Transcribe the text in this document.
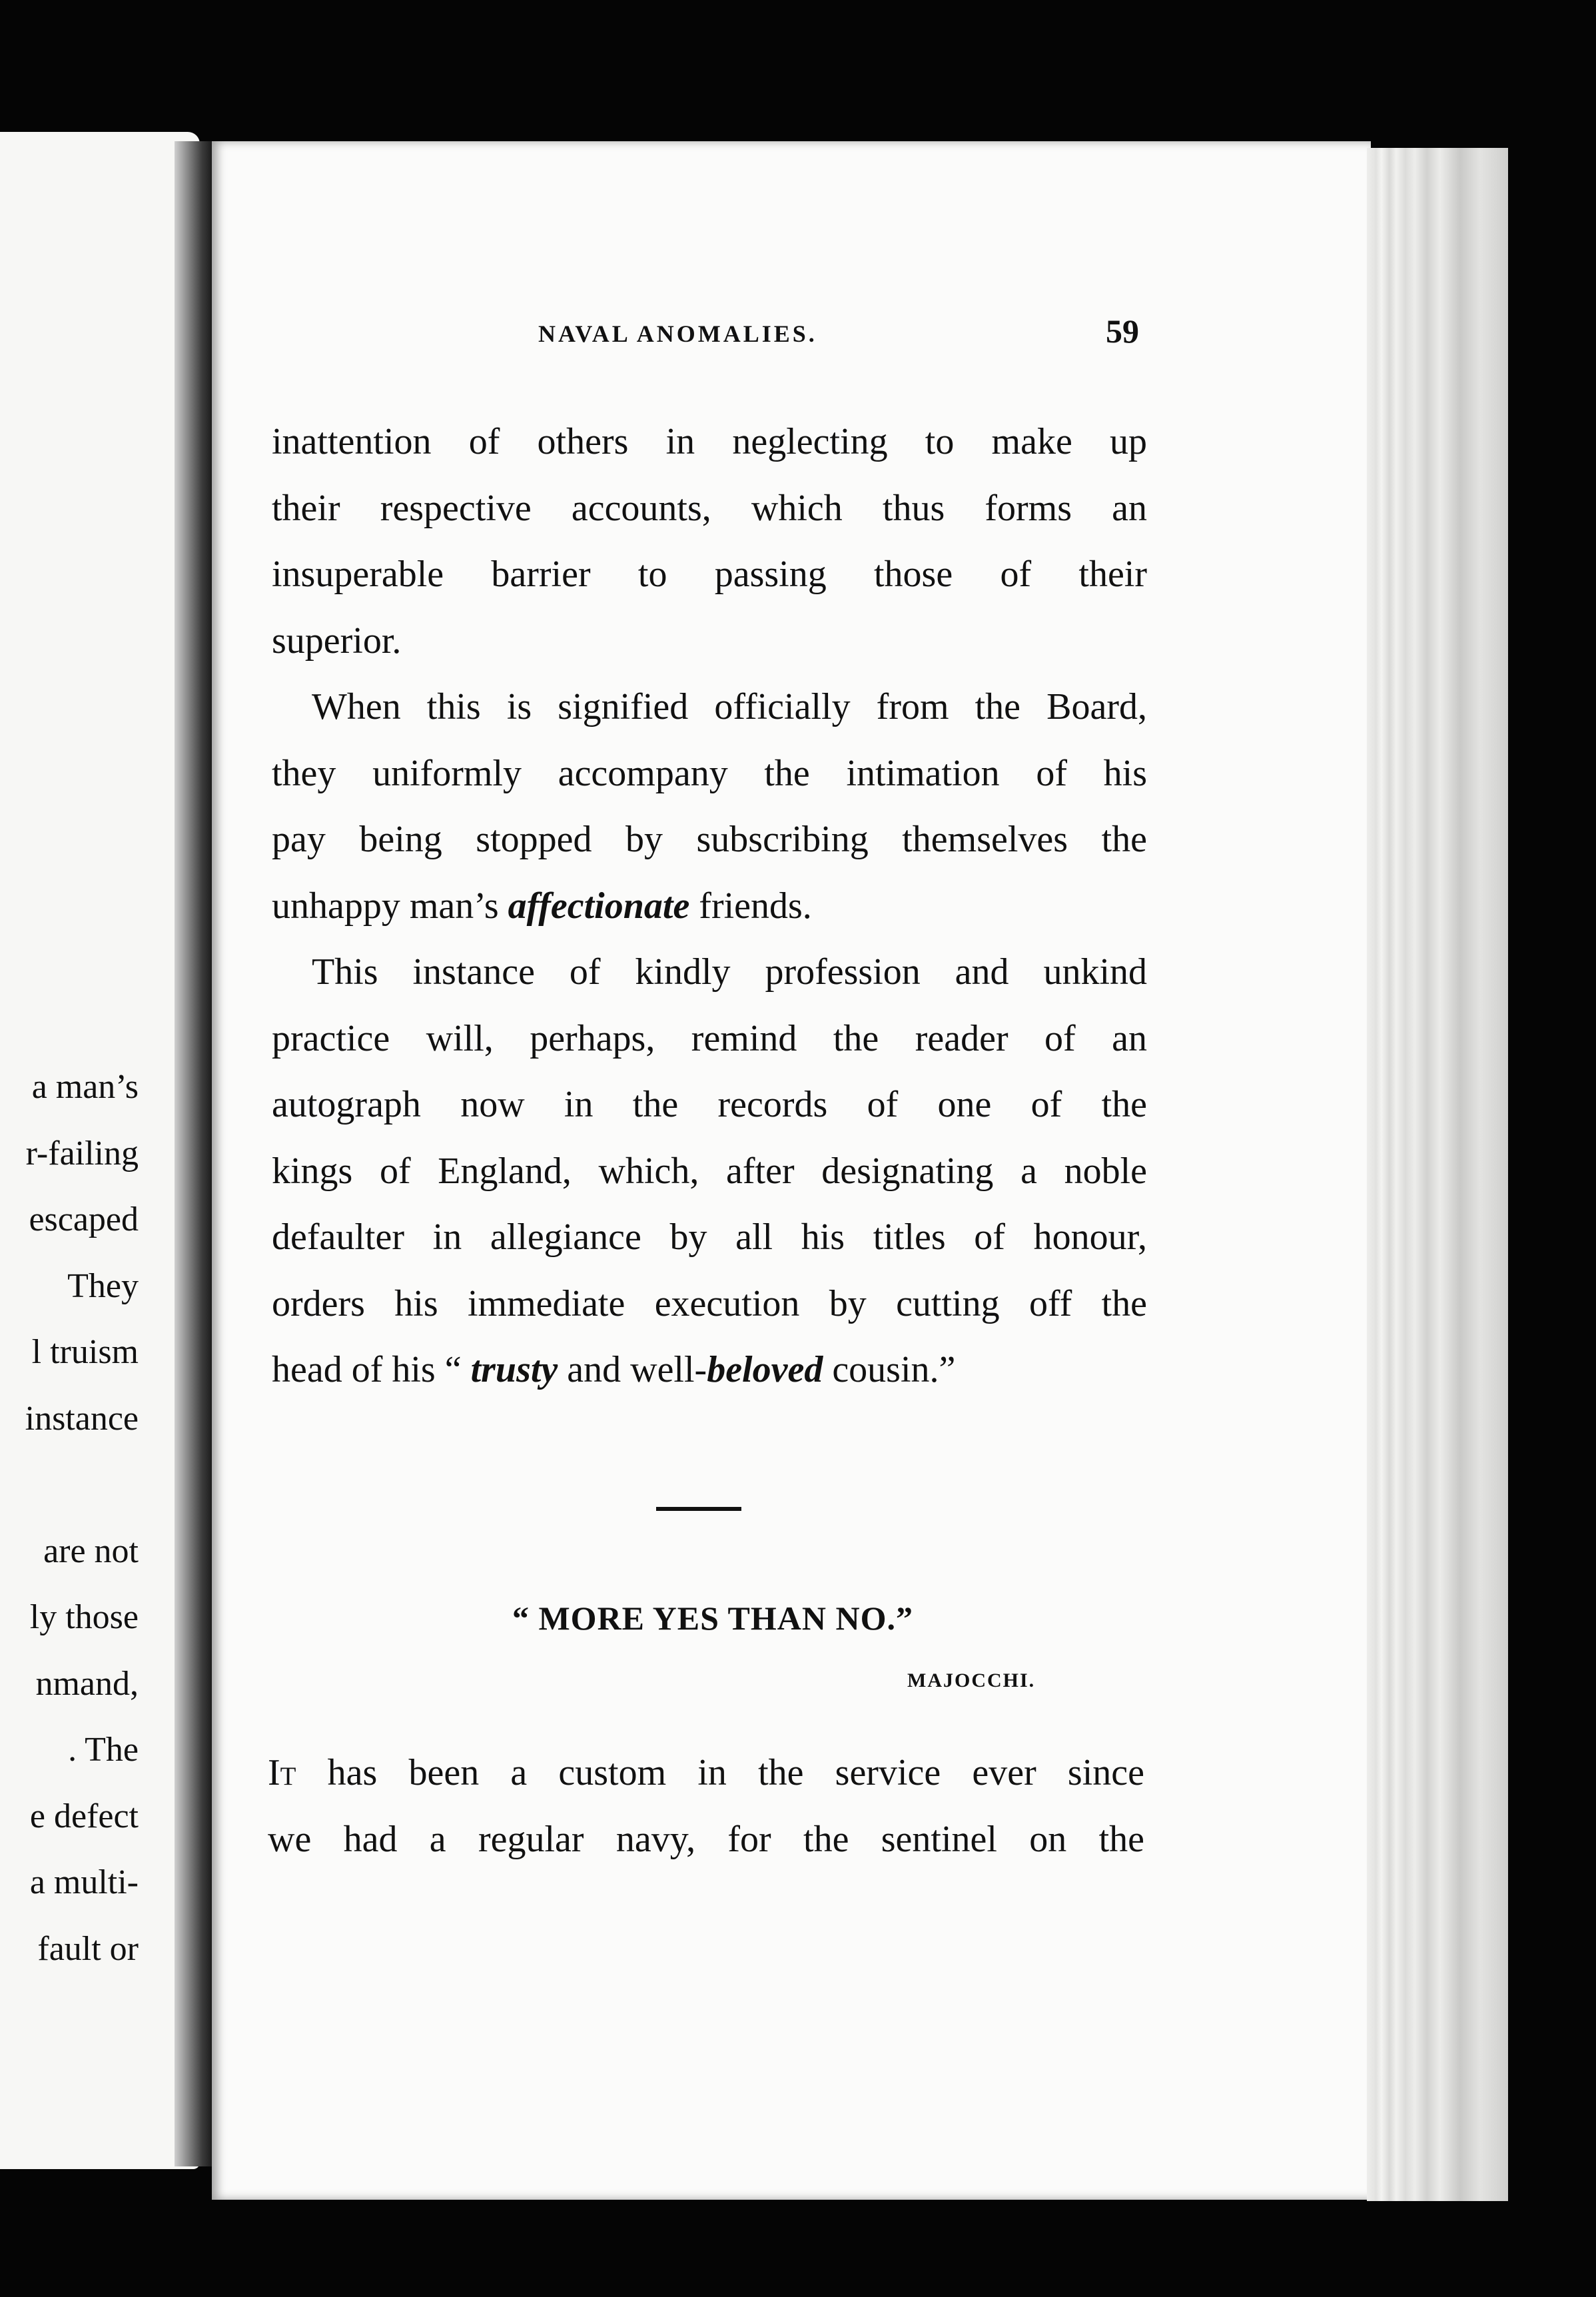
a man’s
r-failing
escaped
They
l truism
instance
are not
ly those
nmand,
. The
e defect
a multi-
fault or
NAVAL ANOMALIES.	59
inattention of others in neglecting to make up
their respective accounts, which thus forms an
insuperable barrier to passing those of their
superior.
When this is signified officially from the Board,
they uniformly accompany the intimation of his
pay being stopped by subscribing themselves the
unhappy man’s affectionate friends.
This instance of kindly profession and unkind
practice will, perhaps, remind the reader of an
autograph now in the records of one of the
kings of England, which, after designating a noble
defaulter in allegiance by all his titles of honour,
orders his immediate execution by cutting off the
head of his “ trusty and well-beloved cousin.”
“ MORE YES THAN NO.”
MAJOCCHI.
It has been a custom in the service ever since
we had a regular navy, for the sentinel on the
